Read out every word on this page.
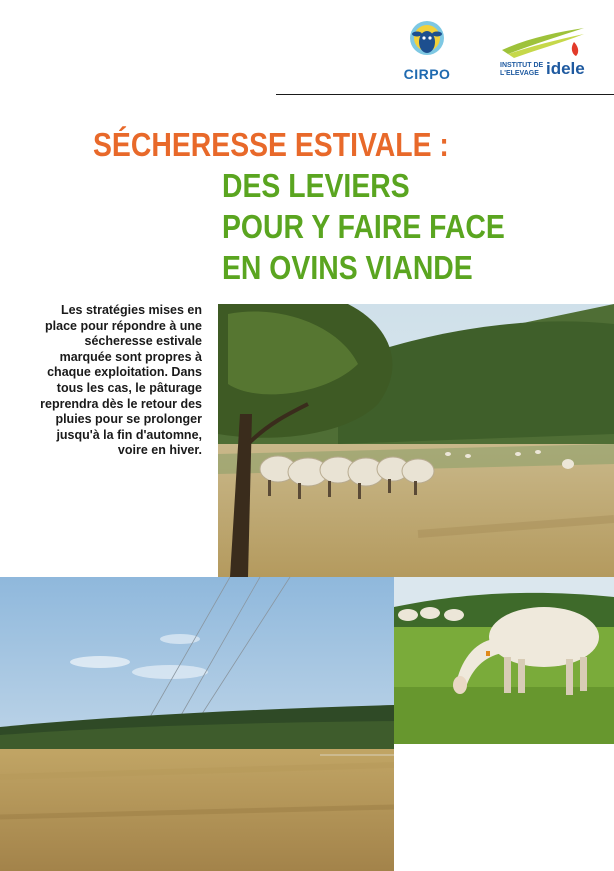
CIRPO
INSTITUT DE L'ELEVAGE idele
SÉCHERESSE ESTIVALE :
DES LEVIERS
POUR Y FAIRE FACE
EN OVINS VIANDE
Les stratégies mises en place pour répondre à une sécheresse estivale marquée sont propres à chaque exploitation. Dans tous les cas, le pâturage reprendra dès le retour des pluies pour se prolonger jusqu'à la fin d'automne, voire en hiver.
